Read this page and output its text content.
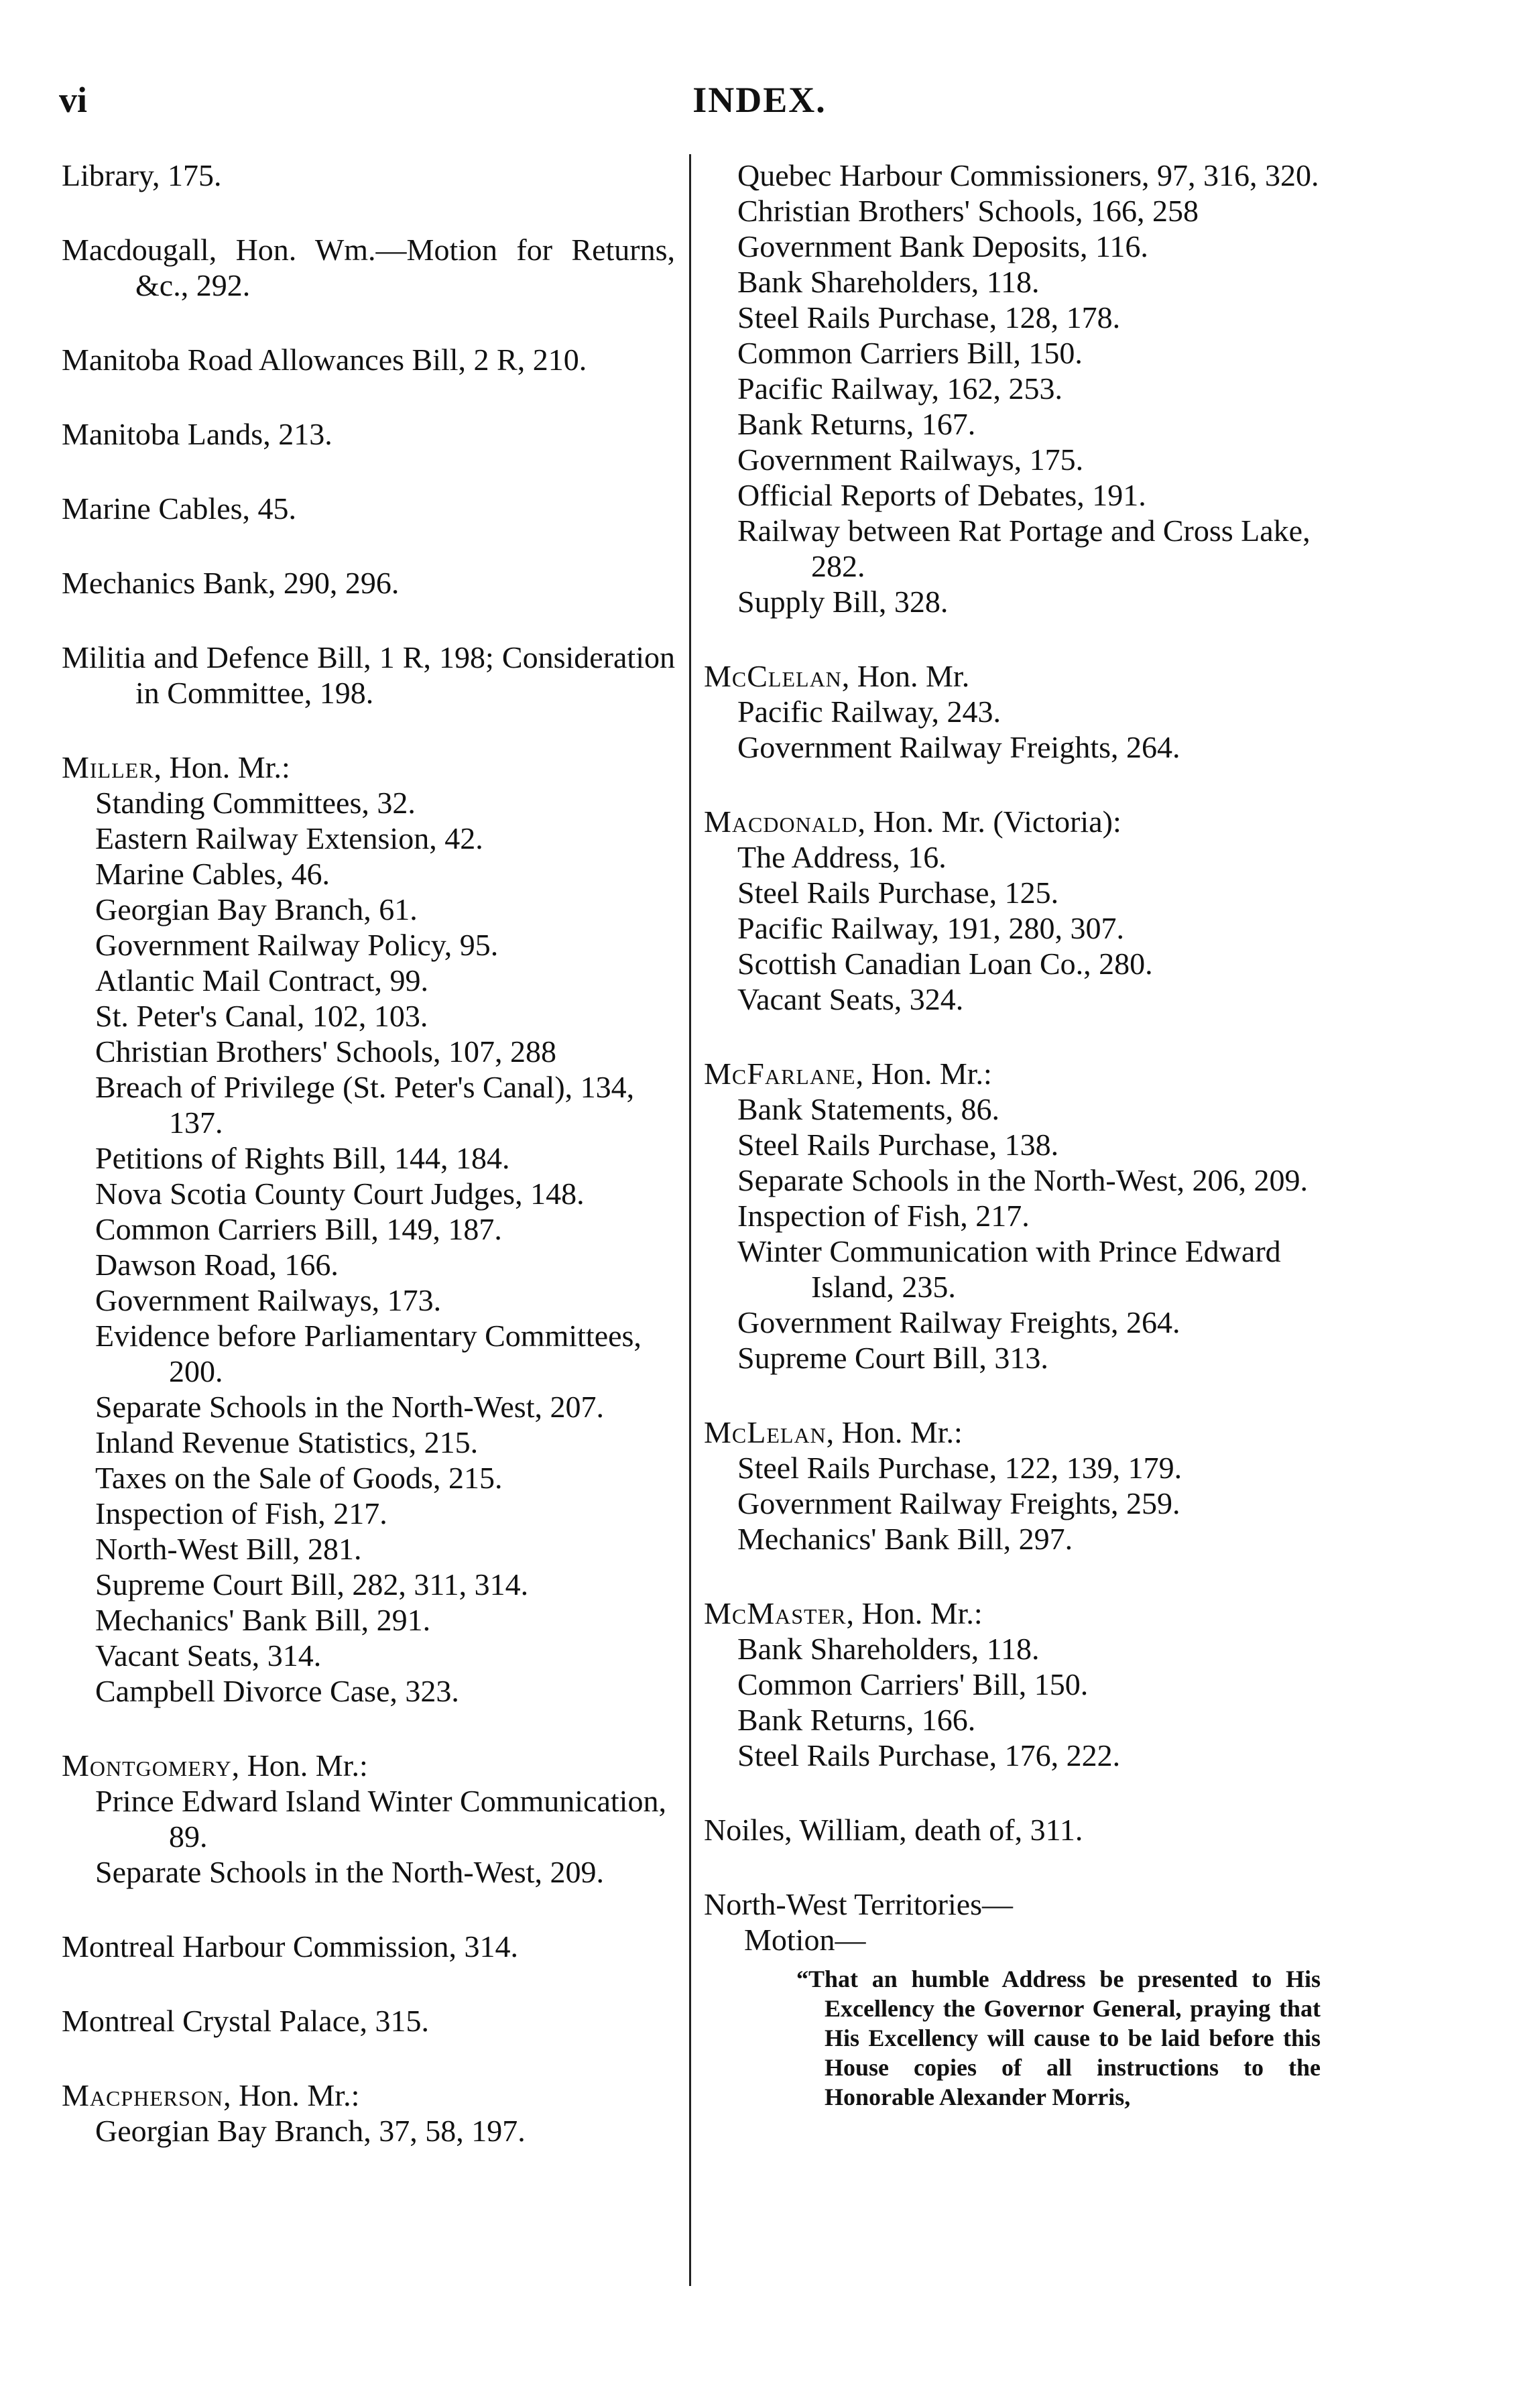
vi	INDEX.
Library, 175.
Macdougall, Hon. Wm.—Motion for Returns, &c., 292.
Manitoba Road Allowances Bill, 2 R, 210.
Manitoba Lands, 213.
Marine Cables, 45.
Mechanics Bank, 290, 296.
Militia and Defence Bill, 1 R, 198; Consideration in Committee, 198.
Miller, Hon. Mr.:
Standing Committees, 32.
Eastern Railway Extension, 42.
Marine Cables, 46.
Georgian Bay Branch, 61.
Government Railway Policy, 95.
Atlantic Mail Contract, 99.
St. Peter's Canal, 102, 103.
Christian Brothers' Schools, 107, 288
Breach of Privilege (St. Peter's Canal), 134, 137.
Petitions of Rights Bill, 144, 184.
Nova Scotia County Court Judges, 148.
Common Carriers Bill, 149, 187.
Dawson Road, 166.
Government Railways, 173.
Evidence before Parliamentary Committees, 200.
Separate Schools in the North-West, 207.
Inland Revenue Statistics, 215.
Taxes on the Sale of Goods, 215.
Inspection of Fish, 217.
North-West Bill, 281.
Supreme Court Bill, 282, 311, 314.
Mechanics' Bank Bill, 291.
Vacant Seats, 314.
Campbell Divorce Case, 323.
Montgomery, Hon. Mr.:
Prince Edward Island Winter Communication, 89.
Separate Schools in the North-West, 209.
Montreal Harbour Commission, 314.
Montreal Crystal Palace, 315.
Macpherson, Hon. Mr.:
Georgian Bay Branch, 37, 58, 197.
Quebec Harbour Commissioners, 97, 316, 320.
Christian Brothers' Schools, 166, 258
Government Bank Deposits, 116.
Bank Shareholders, 118.
Steel Rails Purchase, 128, 178.
Common Carriers Bill, 150.
Pacific Railway, 162, 253.
Bank Returns, 167.
Government Railways, 175.
Official Reports of Debates, 191.
Railway between Rat Portage and Cross Lake, 282.
Supply Bill, 328.
McClelan, Hon. Mr.
Pacific Railway, 243.
Government Railway Freights, 264.
Macdonald, Hon. Mr. (Victoria):
The Address, 16.
Steel Rails Purchase, 125.
Pacific Railway, 191, 280, 307.
Scottish Canadian Loan Co., 280.
Vacant Seats, 324.
McFarlane, Hon. Mr.:
Bank Statements, 86.
Steel Rails Purchase, 138.
Separate Schools in the North-West, 206, 209.
Inspection of Fish, 217.
Winter Communication with Prince Edward Island, 235.
Government Railway Freights, 264.
Supreme Court Bill, 313.
McLelan, Hon. Mr.:
Steel Rails Purchase, 122, 139, 179.
Government Railway Freights, 259.
Mechanics' Bank Bill, 297.
McMaster, Hon. Mr.:
Bank Shareholders, 118.
Common Carriers' Bill, 150.
Bank Returns, 166.
Steel Rails Purchase, 176, 222.
Noiles, William, death of, 311.
North-West Territories—
Motion—
“That an humble Address be presented to His Excellency the Governor General, praying that His Excellency will cause to be laid before this House copies of all instructions to the Honorable Alexander Morris,
